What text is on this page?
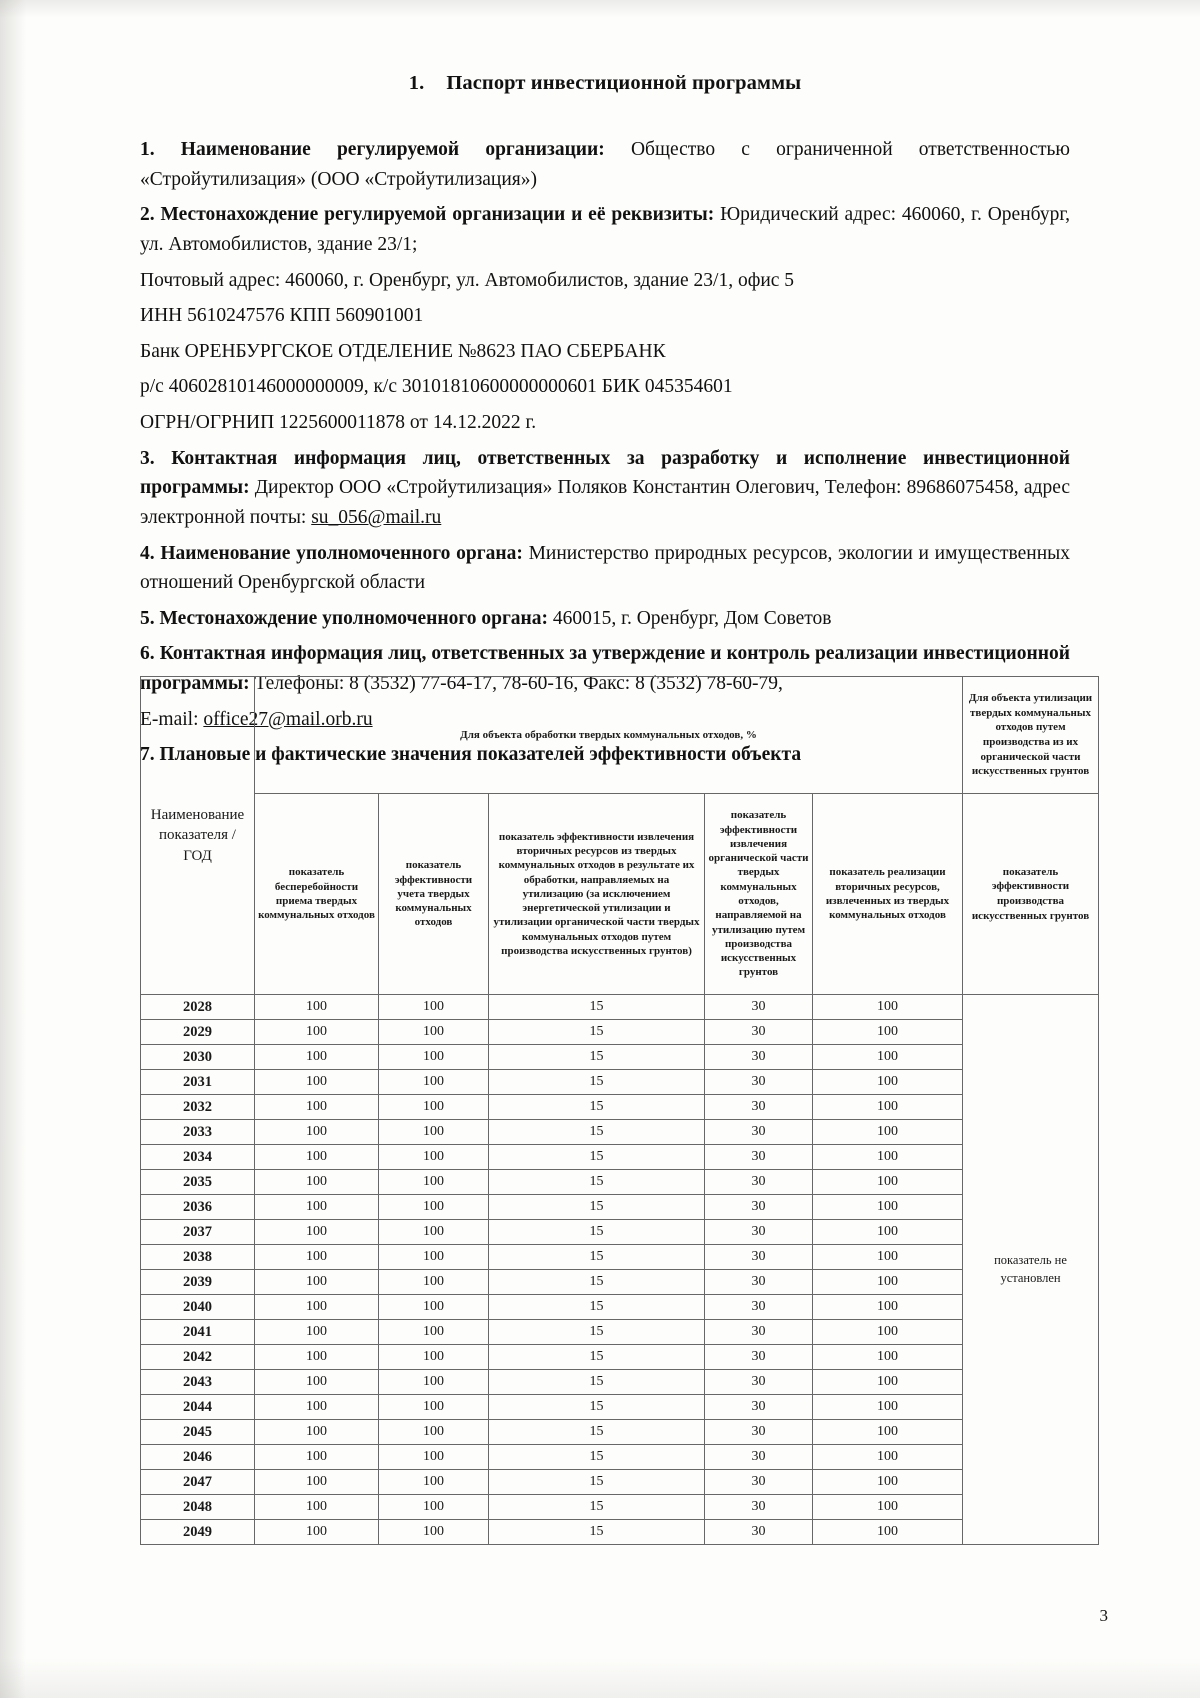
1. Паспорт инвестиционной программы

1. Наименование регулируемой организации: Общество с ограниченной ответственностью «Стройутилизация» (ООО «Стройутилизация»)

2. Местонахождение регулируемой организации и её реквизиты: Юридический адрес: 460060, г. Оренбург, ул. Автомобилистов, здание 23/1;

Почтовый адрес: 460060, г. Оренбург, ул. Автомобилистов, здание 23/1, офис 5

ИНН 5610247576 КПП 560901001

Банк ОРЕНБУРГСКОЕ ОТДЕЛЕНИЕ №8623 ПАО СБЕРБАНК

р/с 40602810146000000009, к/с 30101810600000000601 БИК 045354601

ОГРН/ОГРНИП 1225600011878 от 14.12.2022 г.

3. Контактная информация лиц, ответственных за разработку и исполнение инвестиционной программы: Директор ООО «Стройутилизация» Поляков Константин Олегович, Телефон: 89686075458, адрес электронной почты: su_056@mail.ru

4. Наименование уполномоченного органа: Министерство природных ресурсов, экологии и имущественных отношений Оренбургской области

5. Местонахождение уполномоченного органа: 460015, г. Оренбург, Дом Советов

6. Контактная информация лиц, ответственных за утверждение и контроль реализации инвестиционной программы: Телефоны: 8 (3532) 77-64-17, 78-60-16, Факс: 8 (3532) 78-60-79,

E-mail: office27@mail.orb.ru

7. Плановые и фактические значения показателей эффективности объекта
Наименование показателя / ГОД	Для объекта обработки твердых коммунальных отходов, %					Для объекта утилизации твердых коммунальных отходов путем производства из их органической части искусственных грунтов
	показатель бесперебойности приема твердых коммунальных отходов	показатель эффективности учета твердых коммунальных отходов	показатель эффективности извлечения вторичных ресурсов из твердых коммунальных отходов в результате их обработки, направляемых на утилизацию (за исключением энергетической утилизации и утилизации органической части твердых коммунальных отходов путем производства искусственных грунтов)	показатель эффективности извлечения органической части твердых коммунальных отходов, направляемой на утилизацию путем производства искусственных грунтов	показатель реализации вторичных ресурсов, извлеченных из твердых коммунальных отходов	показатель эффективности производства искусственных грунтов
2028	100	100	15	30	100	показатель не установлен
2029	100	100	15	30	100	
2030	100	100	15	30	100	
2031	100	100	15	30	100	
2032	100	100	15	30	100	
2033	100	100	15	30	100	
2034	100	100	15	30	100	
2035	100	100	15	30	100	
2036	100	100	15	30	100	
2037	100	100	15	30	100	
2038	100	100	15	30	100	
2039	100	100	15	30	100	
2040	100	100	15	30	100	
2041	100	100	15	30	100	
2042	100	100	15	30	100	
2043	100	100	15	30	100	
2044	100	100	15	30	100	
2045	100	100	15	30	100	
2046	100	100	15	30	100	
2047	100	100	15	30	100	
2048	100	100	15	30	100	
2049	100	100	15	30	100	
3
